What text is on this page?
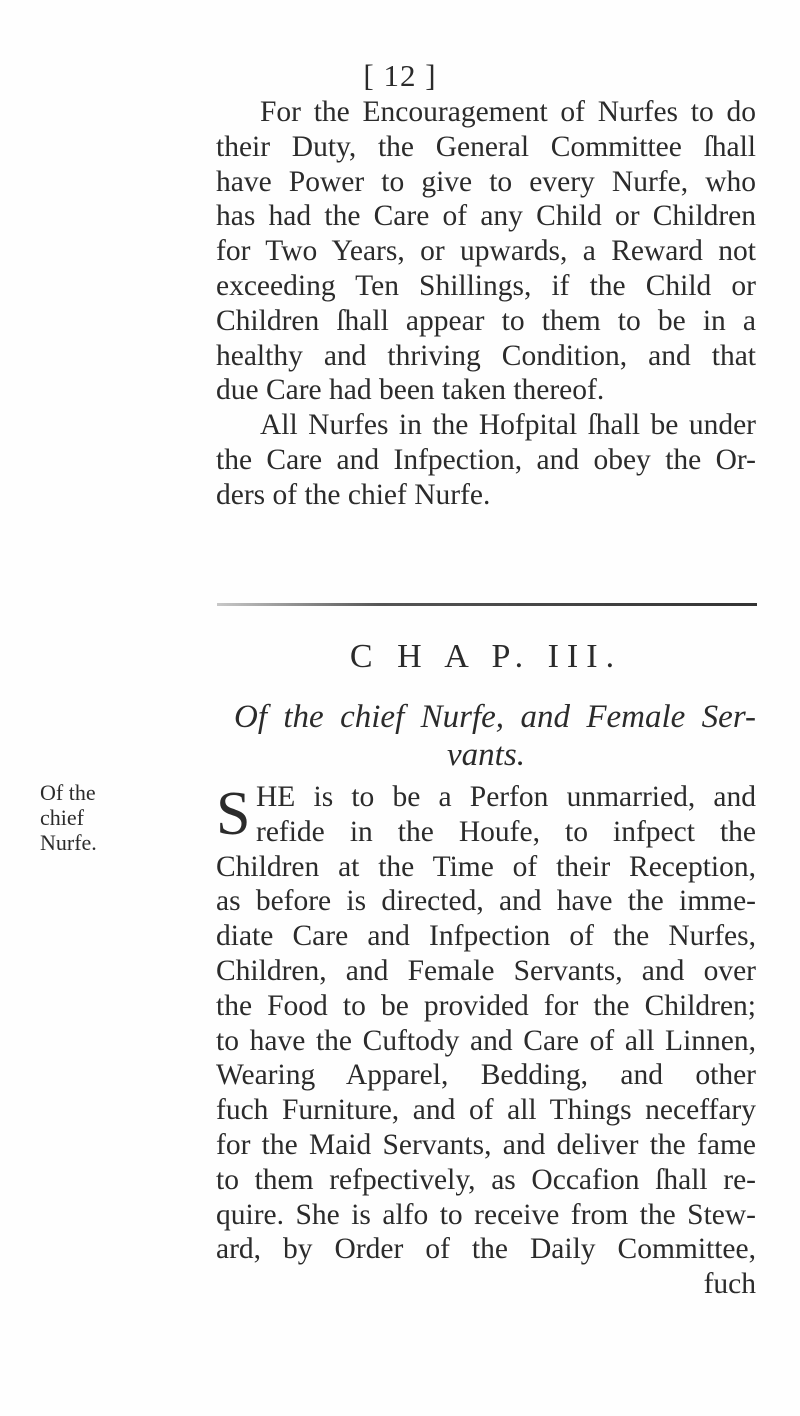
[ 12 ]
For the Encouragement of Nurfes to do
their Duty, the General Committee ſhall
have Power to give to every Nurfe, who
has had the Care of any Child or Children
for Two Years, or upwards, a Reward not
exceeding Ten Shillings, if the Child or
Children ſhall appear to them to be in a
healthy and thriving Condition, and that
due Care had been taken thereof.
All Nurfes in the Hofpital ſhall be under
the Care and Infpection, and obey the Or-
ders of the chief Nurfe.
C H A P. III.
Of the chief Nurfe, and Female Ser-
vants.
Of the
chief
Nurfe.	S HE is to be a Perfon unmarried, and
refide in the Houfe, to infpect the
Children at the Time of their Reception,
as before is directed, and have the imme-
diate Care and Infpection of the Nurfes,
Children, and Female Servants, and over
the Food to be provided for the Children;
to have the Cuftody and Care of all Linnen,
Wearing Apparel, Bedding, and other
fuch Furniture, and of all Things neceffary
for the Maid Servants, and deliver the fame
to them refpectively, as Occafion ſhall re-
quire. She is alfo to receive from the Stew-
ard, by Order of the Daily Committee,
fuch
